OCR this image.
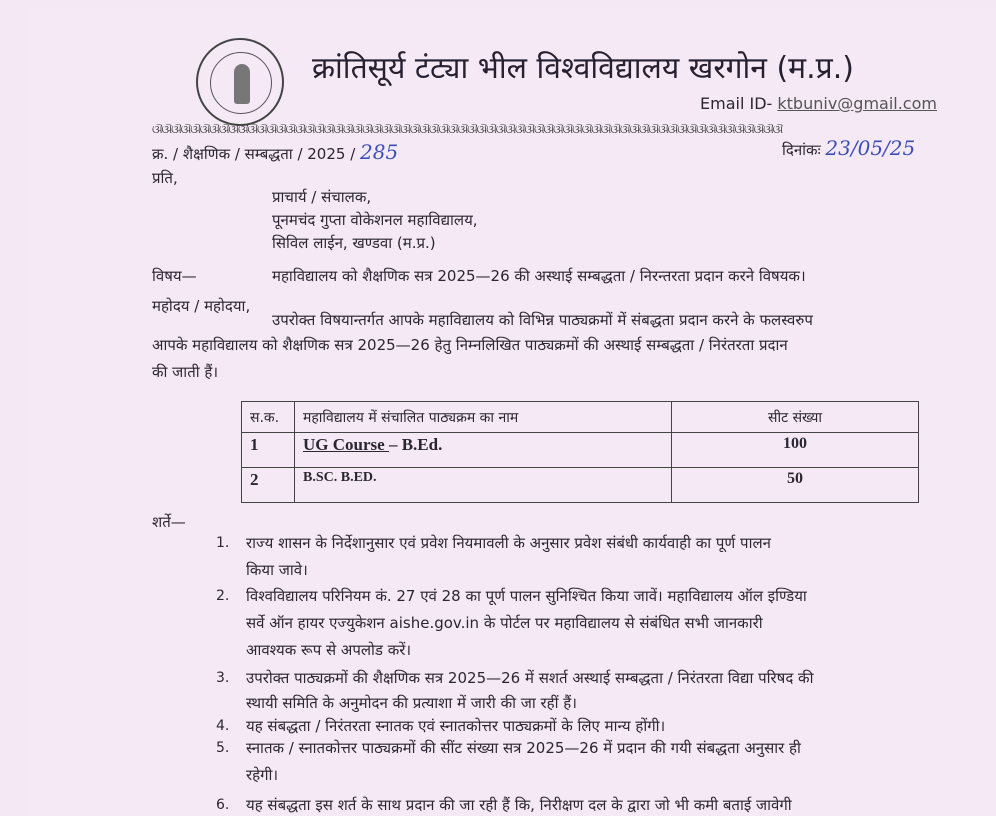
क्रांतिसूर्य टंट्या भील विश्वविद्यालय खरगोन (म.प्र.)
Email ID- ktbuniv@gmail.com
ଔଔଔଔଔଔଔଔଔଔଔଔଔଔଔଔଔଔଔଔଔଔଔଔଔଔଔଔଔଔଔଔଔଔଔଔଔଔଔଔଔଔଔଔଔଔଔଔଔଔଔଔଔଔଔଔଔଔଔଔଔଔଔଔଔଔ
क्र. / शैक्षणिक / सम्बद्धता / 2025 / 285	दिनांकः 23/05/25
प्रति,
प्राचार्य / संचालक,
पूनमचंद गुप्ता वोकेशनल महाविद्यालय,
सिविल लाईन, खण्डवा (म.प्र.)
विषय—	महाविद्यालय को शैक्षणिक सत्र 2025—26 की अस्थाई सम्बद्धता / निरन्तरता प्रदान करने विषयक।
महोदय / महोदया,
उपरोक्त विषयान्तर्गत आपके महाविद्यालय को विभिन्न पाठ्यक्रमों में संबद्धता प्रदान करने के फलस्वरुप
आपके महाविद्यालय को शैक्षणिक सत्र 2025—26 हेतु निम्नलिखित पाठ्यक्रमों की अस्थाई सम्बद्धता / निरंतरता प्रदान
की जाती हैं।
स.क.	महाविद्यालय में संचालित पाठ्यक्रम का नाम	सीट संख्या
1	UG Course – B.Ed.	100
2	B.SC. B.ED.	50
शर्ते—
1. राज्य शासन के निर्देशानुसार एवं प्रवेश नियमावली के अनुसार प्रवेश संबंधी कार्यवाही का पूर्ण पालन
किया जावे।
2. विश्वविद्यालय परिनियम कं. 27 एवं 28 का पूर्ण पालन सुनिश्चित किया जावें। महाविद्यालय ऑल इण्डिया
सर्वे ऑन हायर एज्युकेशन aishe.gov.in के पोर्टल पर महाविद्यालय से संबंधित सभी जानकारी
आवश्यक रूप से अपलोड करें।
3. उपरोक्त पाठ्यक्रमों की शैक्षणिक सत्र 2025—26 में सशर्त अस्थाई सम्बद्धता / निरंतरता विद्या परिषद की
स्थायी समिति के अनुमोदन की प्रत्याशा में जारी की जा रहीं हैं।
4. यह संबद्धता / निरंतरता स्नातक एवं स्नातकोत्तर पाठ्यक्रमों के लिए मान्य होंगी।
5. स्नातक / स्नातकोत्तर पाठ्यक्रमों की सींट संख्या सत्र 2025—26 में प्रदान की गयी संबद्धता अनुसार ही
रहेगी।
6. यह संबद्धता इस शर्त के साथ प्रदान की जा रही हैं कि, निरीक्षण दल के द्वारा जो भी कमी बताई जावेगी
